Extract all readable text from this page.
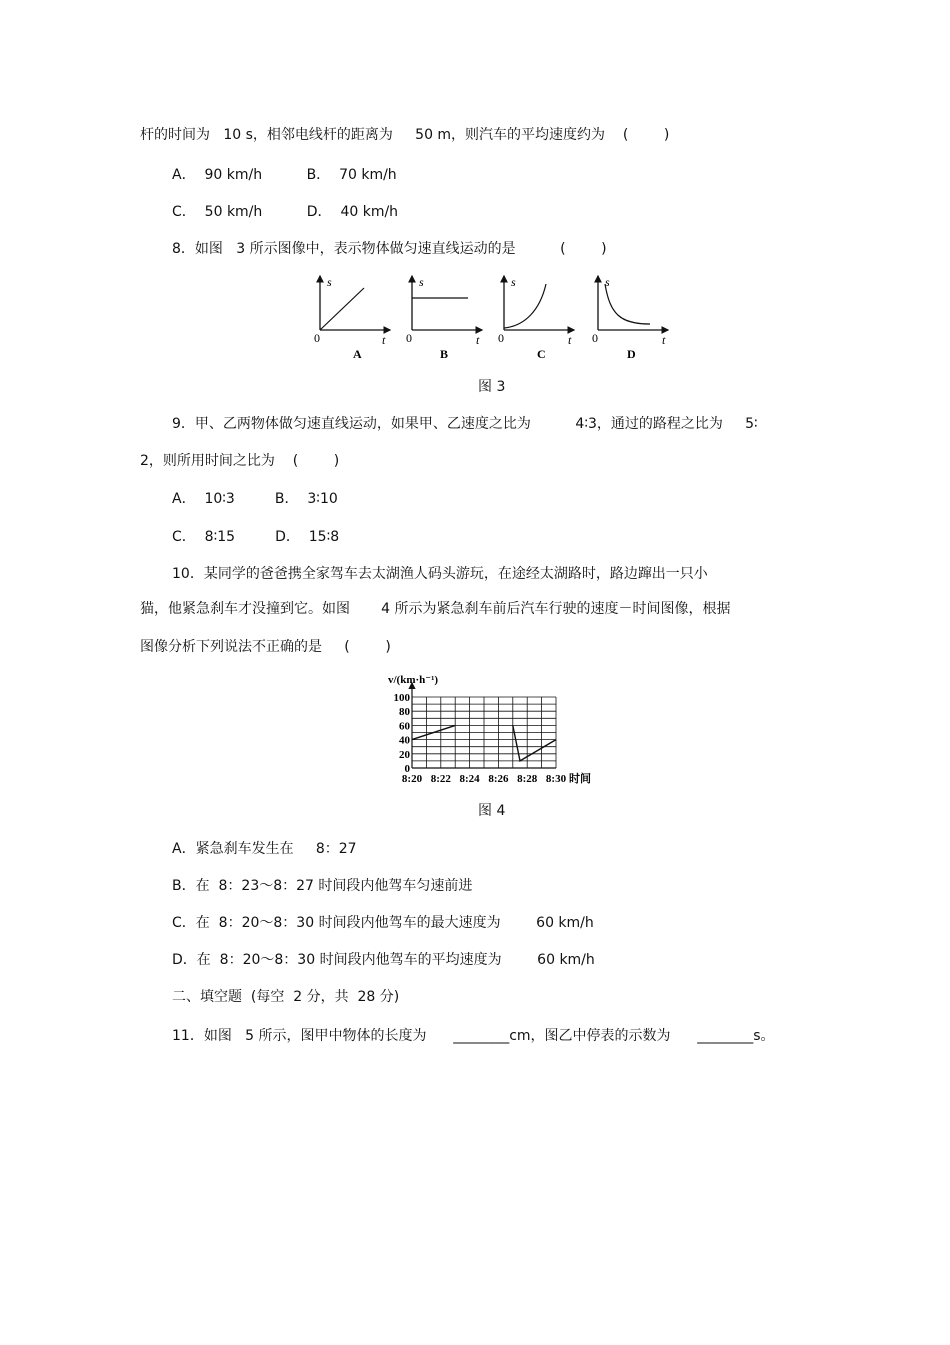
杆的时间为   10 s，相邻电线杆的距离为     50 m，则汽车的平均速度约为    (        )
A．  90 km/h          B．  70 km/h
C．  50 km/h          D．  40 km/h
8．如图   3 所示图像中，表示物体做匀速直线运动的是          (        )
s
t
0
A
s
t
0
B
s
t
0
C
s
t
0
D
图 3
9．甲、乙两物体做匀速直线运动，如果甲、乙速度之比为          4∶3，通过的路程之比为     5∶
2，则所用时间之比为    (        )
A．  10∶3         B．  3∶10
C．  8∶15         D．  15∶8
10．某同学的爸爸携全家驾车去太湖渔人码头游玩，在途经太湖路时，路边蹿出一只小
猫，他紧急刹车才没撞到它。如图       4 所示为紧急刹车前后汽车行驶的速度－时间图像，根据
图像分析下列说法不正确的是     (        )
0
20
40
60
80
100
8:20 8:22 8:24 8:26 8:28 8:30 时间
v/(km·h⁻¹)
图 4
A．紧急刹车发生在     8：27
B．在  8：23～8：27 时间段内他驾车匀速前进
C．在  8：20～8：30 时间段内他驾车的最大速度为        60 km/h
D．在  8：20～8：30 时间段内他驾车的平均速度为        60 km/h
二、填空题  (每空  2 分，共  28 分)
11．如图   5 所示，图甲中物体的长度为      ________cm，图乙中停表的示数为      ________s。
